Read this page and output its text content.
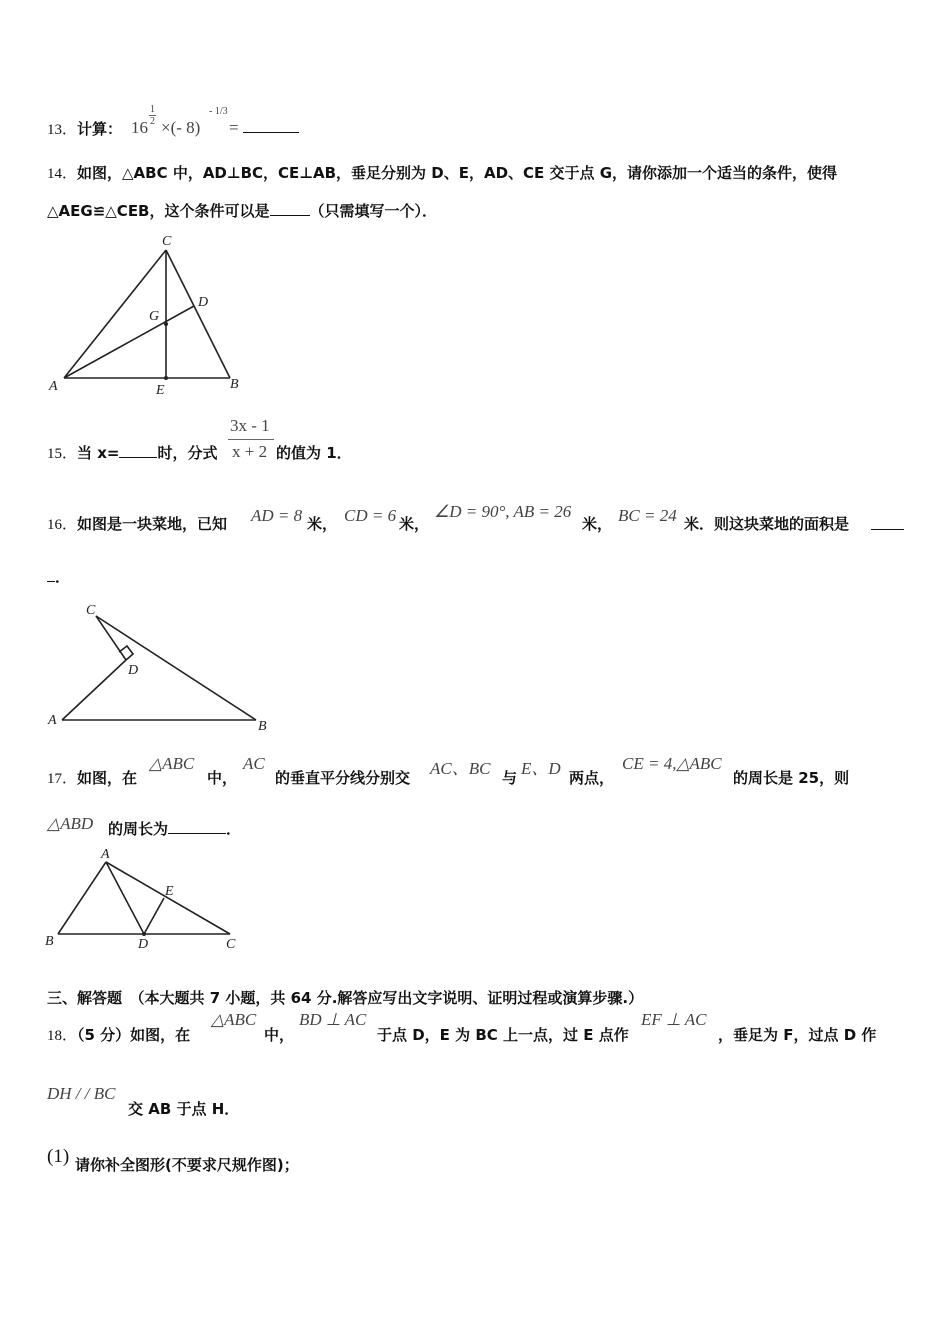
13．计算： 16
1
2 ×(- 8)
- 1/3
=
14．如图，△ABC 中，AD⊥BC，CE⊥AB，垂足分别为 D、E，AD、CE 交于点 G，请你添加一个适当的条件，使得
△AEG≌△CEB，这个条件可以是	（只需填写一个）．
C
D
G
A	E	B
15．当 x=	时，分式
3x - 1
x + 2 的值为 1．
16．如图是一块菜地，已知 AD = 8 米， CD = 6 米，
∠D = 90°, AB = 26
米， BC = 24 米．则这块菜地的面积是
．
C
D
A	B
17．如图，在
△ABC
中，
AC
的垂直平分线分别交 AC、BC 与 E、D 两点，
CE = 4,△ABC
的周长是 25，则
△ABD 的周长为	．
A
E
B	D	C
三、解答题　（本大题共 7 小题，共 64 分.解答应写出文字说明、证明过程或演算步骤.）
18．（5 分）如图，在
△ABC
中，
BD ⊥ AC
于点 D，E 为 BC 上一点，过 E 点作
EF ⊥ AC
，垂足为 F，过点 D 作
DH / / BC
交 AB 于点 H．
(1) 请你补全图形(不要求尺规作图)；
